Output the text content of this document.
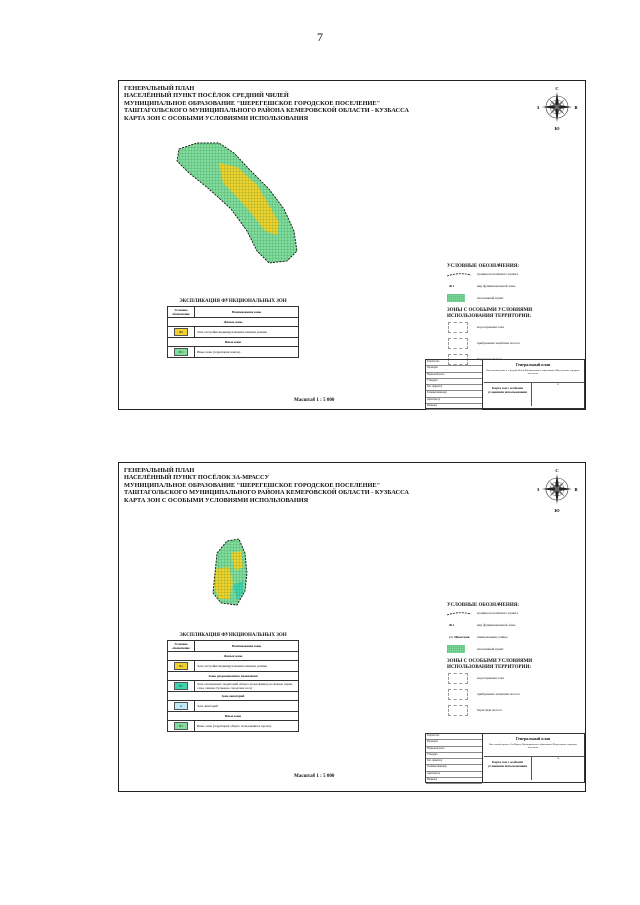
7
ГЕНЕРАЛЬНЫЙ ПЛАН
НАСЕЛЁННЫЙ ПУНКТ ПОСЁЛОК СРЕДНИЙ ЧИЛЕЙ
МУНИЦИПАЛЬНОЕ ОБРАЗОВАНИЕ "ШЕРЕГЕШСКОЕ ГОРОДСКОЕ ПОСЕЛЕНИЕ"
ТАШТАГОЛЬСКОГО МУНИЦИПАЛЬНОГО РАЙОНА КЕМЕРОВСКОЙ ОБЛАСТИ - КУЗБАССА
КАРТА ЗОН С ОСОБЫМИ УСЛОВИЯМИ ИСПОЛЬЗОВАНИЯ
С
Ю
З	В
ЭКСПЛИКАЦИЯ ФУНКЦИОНАЛЬНЫХ ЗОН
Условное обозначение	Наименование зоны
Жилые зоны	
Ж2	Зона застройки индивидуальными жилыми домами
Иные зоны	
И1	Иные зоны (территория земель)
УСЛОВНЫЕ ОБОЗНАЧЕНИЯ:
граница населённого пункта
Ж1	вид функциональной зоны
населенный пункт
ЗОНЫ С ОСОБЫМИ УСЛОВИЯМИ ИСПОЛЬЗОВАНИЯ ТЕРРИТОРИИ:
водоохранная зона
прибрежная защитная полоса
береговая полоса
Масштаб 1 : 5 000
Разработал
Проверил
Нормоконтроль
Утвердил
Ген. директор
Главный инженер
Архитектор
Инженер
Генеральный план
Населенный пункт п. Средний Чилей Муниципальное образование Шерегешское городское поселение
Карта зон с особыми условиями использования
13
ГЕНЕРАЛЬНЫЙ ПЛАН
НАСЕЛЁННЫЙ ПУНКТ ПОСЁЛОК ЗА-МРАССУ
МУНИЦИПАЛЬНОЕ ОБРАЗОВАНИЕ "ШЕРЕГЕШСКОЕ ГОРОДСКОЕ ПОСЕЛЕНИЕ"
ТАШТАГОЛЬСКОГО МУНИЦИПАЛЬНОГО РАЙОНА КЕМЕРОВСКОЙ ОБЛАСТИ - КУЗБАССА
КАРТА ЗОН С ОСОБЫМИ УСЛОВИЯМИ ИСПОЛЬЗОВАНИЯ
С
Ю
З	В
ЭКСПЛИКАЦИЯ ФУНКЦИОНАЛЬНЫХ ЗОН
Условное обозначение	Наименование зоны
Жилые зоны	
Ж1	Зона застройки индивидуальными жилыми домами
Зоны рекреационного назначения	
Р1	Зона озелененных территорий общего пользования (лесопарки, парки, сады, скверы, бульвары, городские леса)
Зона акваторий	
А	Зона акваторий
Иные зоны	
И1	Иные зоны (территория общего пользования и прочее)
УСЛОВНЫЕ ОБОЗНАЧЕНИЯ:
граница населённого пункта
Ж1	вид функциональной зоны
ул. Мрасская наименование улицы
населенный пункт
ЗОНЫ С ОСОБЫМИ УСЛОВИЯМИ ИСПОЛЬЗОВАНИЯ ТЕРРИТОРИИ:
водоохранная зона
прибрежная защитная полоса
береговая полоса
Масштаб 1 : 5 000
Разработал
Проверил
Нормоконтроль
Утвердил
Ген. директор
Главный инженер
Архитектор
Инженер
Генеральный план
Населенный пункт п. За-Мрассу Муниципальное образование Шерегешское городское поселение
Карта зон с особыми условиями использования
14
